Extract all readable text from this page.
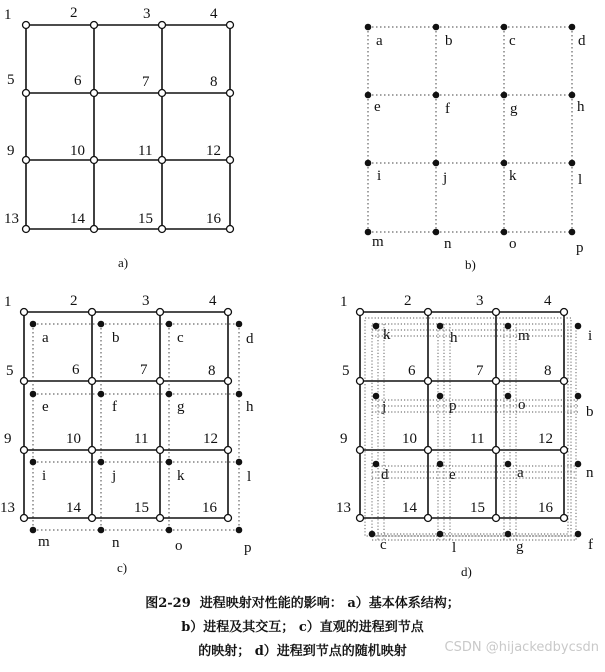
1	2	3	4
5	6	7	8
9	10	11	12
13	14	15	16
a)
a	b	c	d
e	f	g	h
i	j	k	l
m	n	o	p
b)
1	2	3	4
5	6	7	8
9	10	11	12
13	14	15	16
a	b	c	d
e	f	g	h
i	j	k	l
m	n	o	p
c)
1	2	3	4
5	6	7	8
9	10	11	12
13	14	15	16
k	h	m	i
j	p	o	b
d	e	a	n
c	l	g	f
d)
图2-29  进程映射对性能的影响： a）基本体系结构；
b）进程及其交互； c）直观的进程到节点
的映射； d）进程到节点的随机映射	CSDN @hijackedbycsdn
